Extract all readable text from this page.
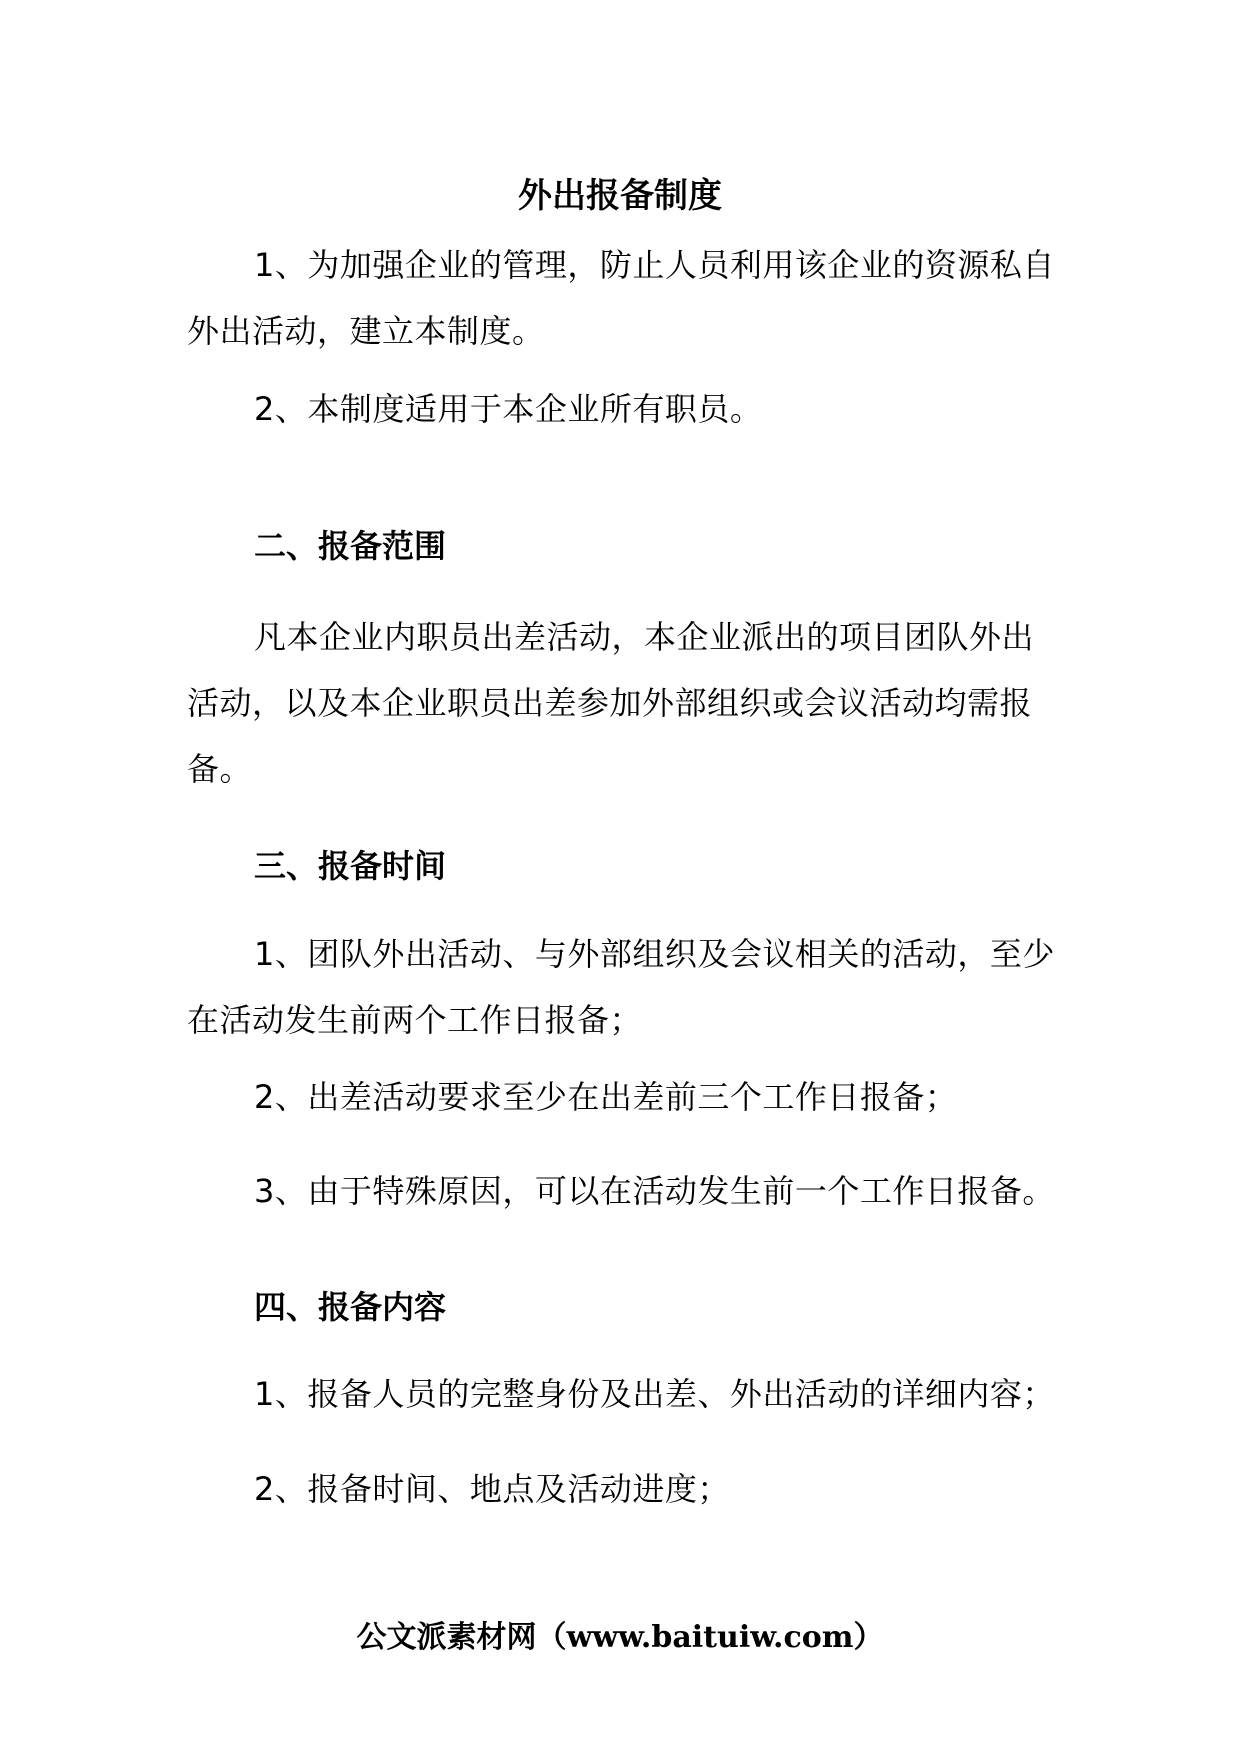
外出报备制度

1、为加强企业的管理，防止人员利用该企业的资源私自外出活动，建立本制度。

2、本制度适用于本企业所有职员。

二、报备范围

凡本企业内职员出差活动，本企业派出的项目团队外出活动，以及本企业职员出差参加外部组织或会议活动均需报备。

三、报备时间

1、团队外出活动、与外部组织及会议相关的活动，至少在活动发生前两个工作日报备；

2、出差活动要求至少在出差前三个工作日报备；

3、由于特殊原因，可以在活动发生前一个工作日报备。

四、报备内容

1、报备人员的完整身份及出差、外出活动的详细内容；

2、报备时间、地点及活动进度；

公文派素材网（www.baituiw.com）
